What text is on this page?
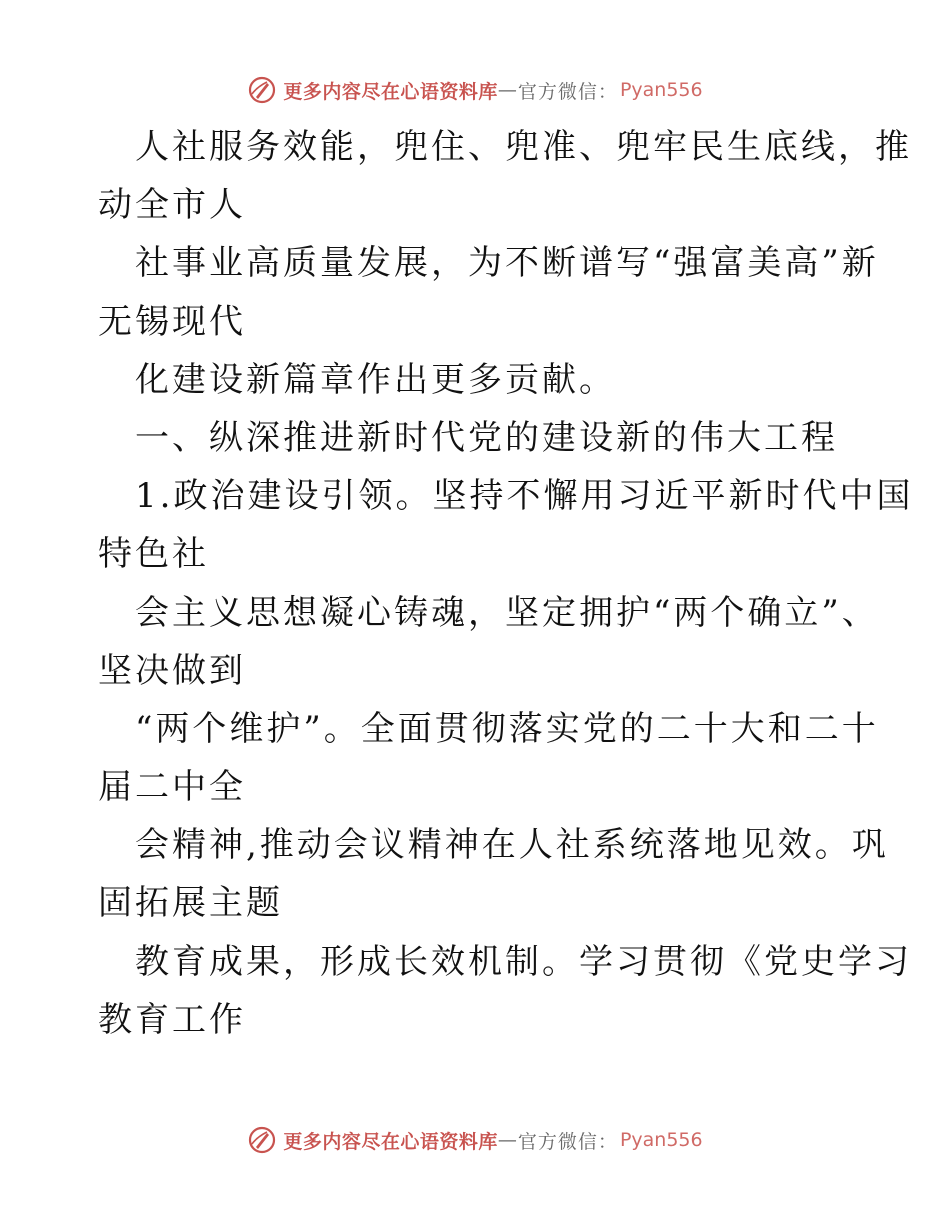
更多内容尽在心语资料库 — 官方微信： Pyan556
人社服务效能，兜住、兜准、兜牢民生底线，推
动全市人
社事业高质量发展，为不断谱写“强富美高”新
无锡现代
化建设新篇章作出更多贡献。
一、纵深推进新时代党的建设新的伟大工程
1.政治建设引领。坚持不懈用习近平新时代中国
特色社
会主义思想凝心铸魂，坚定拥护“两个确立”、
坚决做到
“两个维护”。全面贯彻落实党的二十大和二十
届二中全
会精神,推动会议精神在人社系统落地见效。巩
固拓展主题
教育成果，形成长效机制。学习贯彻《党史学习
教育工作
更多内容尽在心语资料库 — 官方微信： Pyan556
